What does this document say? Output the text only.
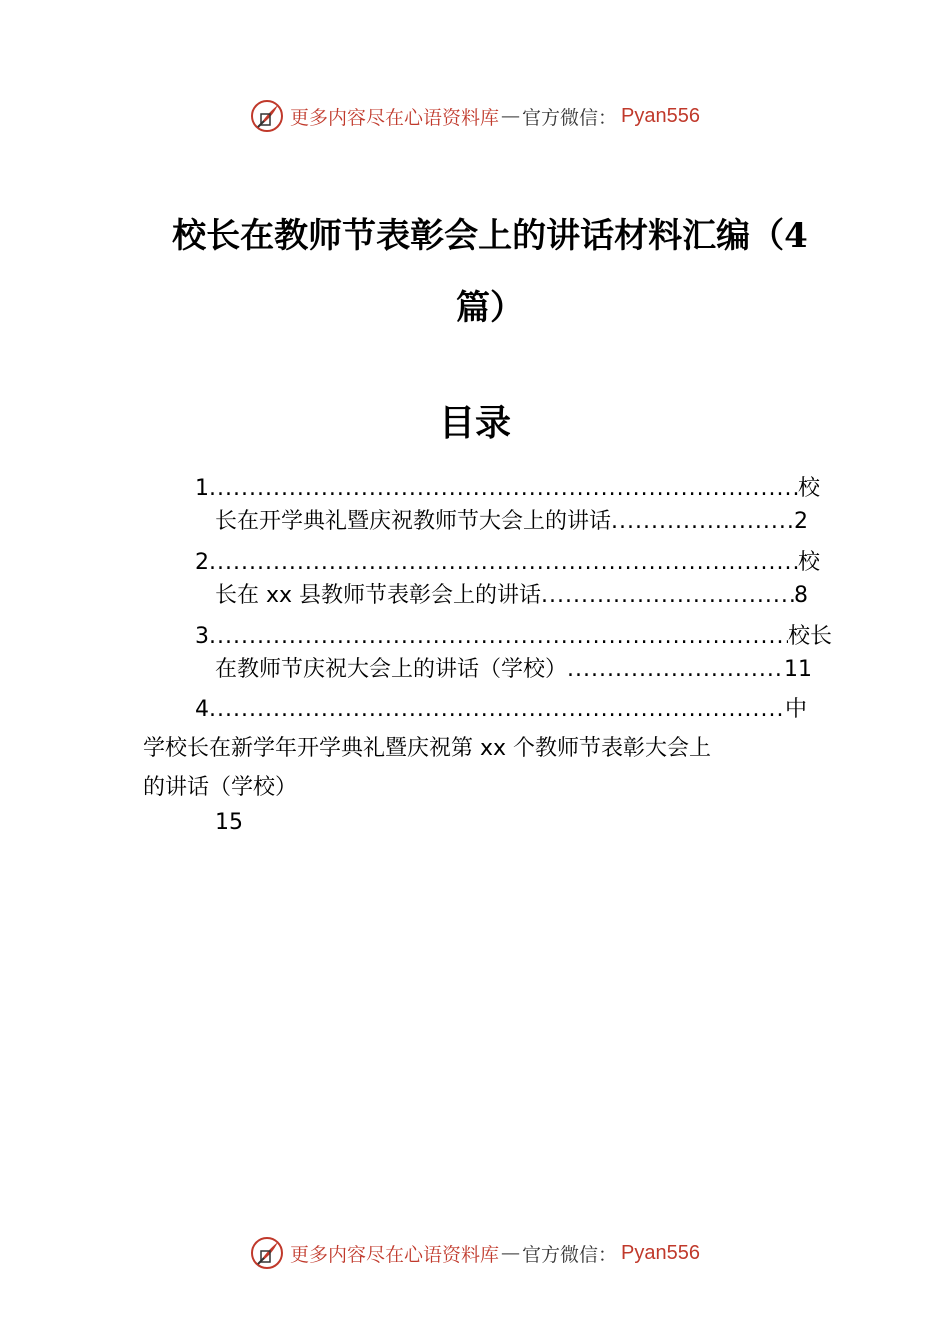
更多内容尽在心语资料库 — 官方微信： Pyan556
校长在教师节表彰会上的讲话材料汇编（4篇）
目录
1 .....	校
长在开学典礼暨庆祝教师节大会上的讲话 .....	2
2 .....	校
长在 xx 县教师节表彰会上的讲话 .....	8
3 .....	校长
在教师节庆祝大会上的讲话（学校） .....	11
4 .....	中
学校长在新学年开学典礼暨庆祝第 xx 个教师节表彰大会上
的讲话（学校）
15
更多内容尽在心语资料库 — 官方微信： Pyan556
